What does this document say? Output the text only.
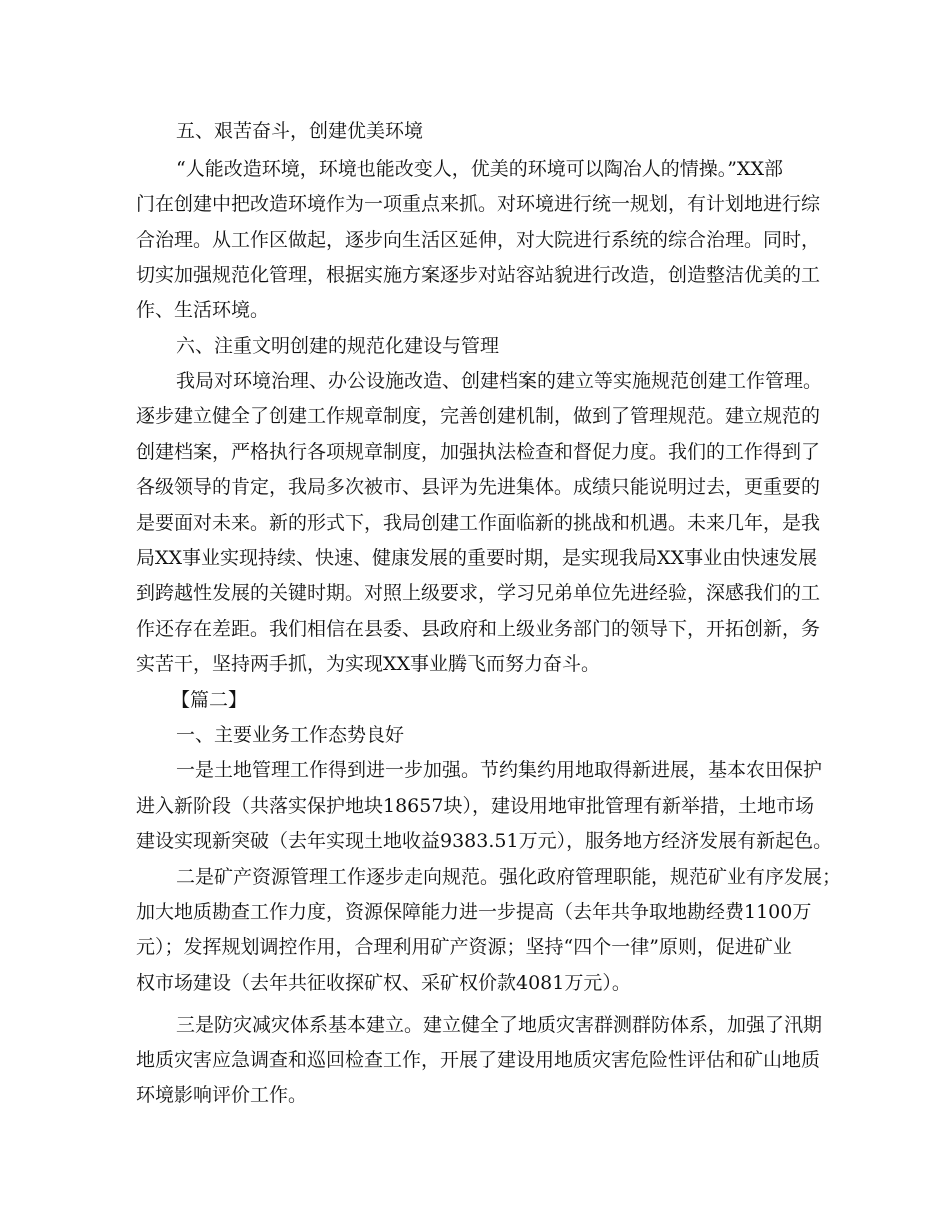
五、艰苦奋斗，创建优美环境
“人能改造环境，环境也能改变人，优美的环境可以陶冶人的情操。”XX部
门在创建中把改造环境作为一项重点来抓。对环境进行统一规划，有计划地进行综
合治理。从工作区做起，逐步向生活区延伸，对大院进行系统的综合治理。同时，
切实加强规范化管理，根据实施方案逐步对站容站貌进行改造，创造整洁优美的工
作、生活环境。
六、注重文明创建的规范化建设与管理
我局对环境治理、办公设施改造、创建档案的建立等实施规范创建工作管理。
逐步建立健全了创建工作规章制度，完善创建机制，做到了管理规范。建立规范的
创建档案，严格执行各项规章制度，加强执法检查和督促力度。我们的工作得到了
各级领导的肯定，我局多次被市、县评为先进集体。成绩只能说明过去，更重要的
是要面对未来。新的形式下，我局创建工作面临新的挑战和机遇。未来几年，是我
局XX事业实现持续、快速、健康发展的重要时期，是实现我局XX事业由快速发展
到跨越性发展的关键时期。对照上级要求，学习兄弟单位先进经验，深感我们的工
作还存在差距。我们相信在县委、县政府和上级业务部门的领导下，开拓创新，务
实苦干，坚持两手抓，为实现XX事业腾飞而努力奋斗。
【篇二】
一、主要业务工作态势良好
一是土地管理工作得到进一步加强。节约集约用地取得新进展，基本农田保护
进入新阶段（共落实保护地块18657块），建设用地审批管理有新举措，土地市场
建设实现新突破（去年实现土地收益9383.51万元），服务地方经济发展有新起色。
二是矿产资源管理工作逐步走向规范。强化政府管理职能，规范矿业有序发展；
加大地质勘查工作力度，资源保障能力进一步提高（去年共争取地勘经费1100万
元）；发挥规划调控作用，合理利用矿产资源；坚持“四个一律”原则，促进矿业
权市场建设（去年共征收探矿权、采矿权价款4081万元）。
三是防灾减灾体系基本建立。建立健全了地质灾害群测群防体系，加强了汛期
地质灾害应急调查和巡回检查工作，开展了建设用地质灾害危险性评估和矿山地质
环境影响评价工作。
